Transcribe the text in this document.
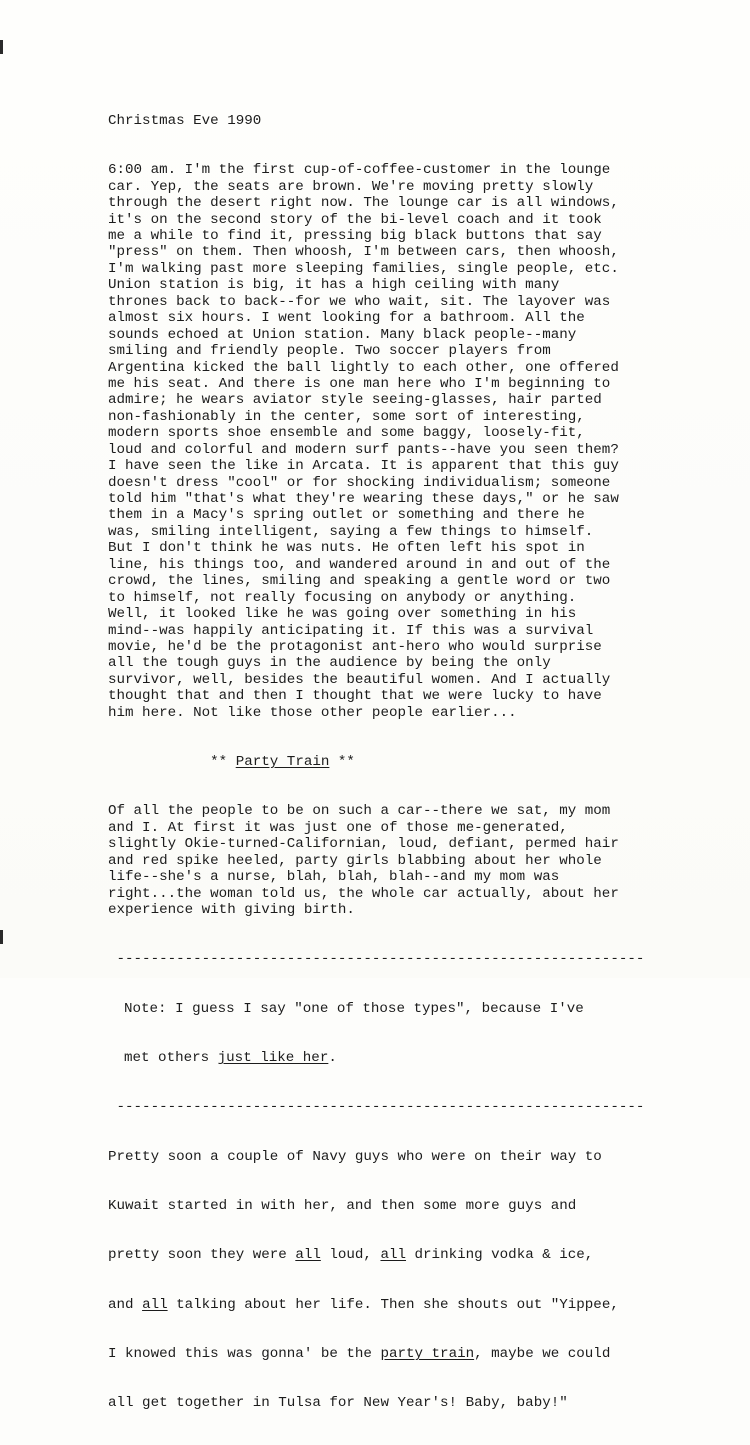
Christmas Eve 1990

6:00 am. I'm the first cup-of-coffee-customer in the lounge
car. Yep, the seats are brown. We're moving pretty slowly
through the desert right now. The lounge car is all windows,
it's on the second story of the bi-level coach and it took
me a while to find it, pressing big black buttons that say
"press" on them. Then whoosh, I'm between cars, then whoosh,
I'm walking past more sleeping families, single people, etc.
Union station is big, it has a high ceiling with many
thrones back to back--for we who wait, sit. The layover was
almost six hours. I went looking for a bathroom. All the
sounds echoed at Union station. Many black people--many
smiling and friendly people. Two soccer players from
Argentina kicked the ball lightly to each other, one offered
me his seat. And there is one man here who I'm beginning to
admire; he wears aviator style seeing-glasses, hair parted
non-fashionably in the center, some sort of interesting,
modern sports shoe ensemble and some baggy, loosely-fit,
loud and colorful and modern surf pants--have you seen them?
I have seen the like in Arcata. It is apparent that this guy
doesn't dress "cool" or for shocking individualism; someone
told him "that's what they're wearing these days," or he saw
them in a Macy's spring outlet or something and there he
was, smiling intelligent, saying a few things to himself.
But I don't think he was nuts. He often left his spot in
line, his things too, and wandered around in and out of the
crowd, the lines, smiling and speaking a gentle word or two
to himself, not really focusing on anybody or anything.
Well, it looked like he was going over something in his
mind--was happily anticipating it. If this was a survival
movie, he'd be the protagonist ant-hero who would surprise
all the tough guys in the audience by being the only
survivor, well, besides the beautiful women. And I actually
thought that and then I thought that we were lucky to have
him here. Not like those other people earlier...

** Party Train **

Of all the people to be on such a car--there we sat, my mom
and I. At first it was just one of those me-generated,
slightly Okie-turned-Californian, loud, defiant, permed hair
and red spike heeled, party girls blabbing about her whole
life--she's a nurse, blah, blah, blah--and my mom was
right...the woman told us, the whole car actually, about her
experience with giving birth.

--------------------------------------------------------------

Note: I guess I say "one of those types", because I've

met others just like her.

--------------------------------------------------------------

Pretty soon a couple of Navy guys who were on their way to

Kuwait started in with her, and then some more guys and

pretty soon they were all loud, all drinking vodka & ice,

and all talking about her life. Then she shouts out "Yippee,

I knowed this was gonna' be the party train, maybe we could

all get together in Tulsa for New Year's! Baby, baby!"
